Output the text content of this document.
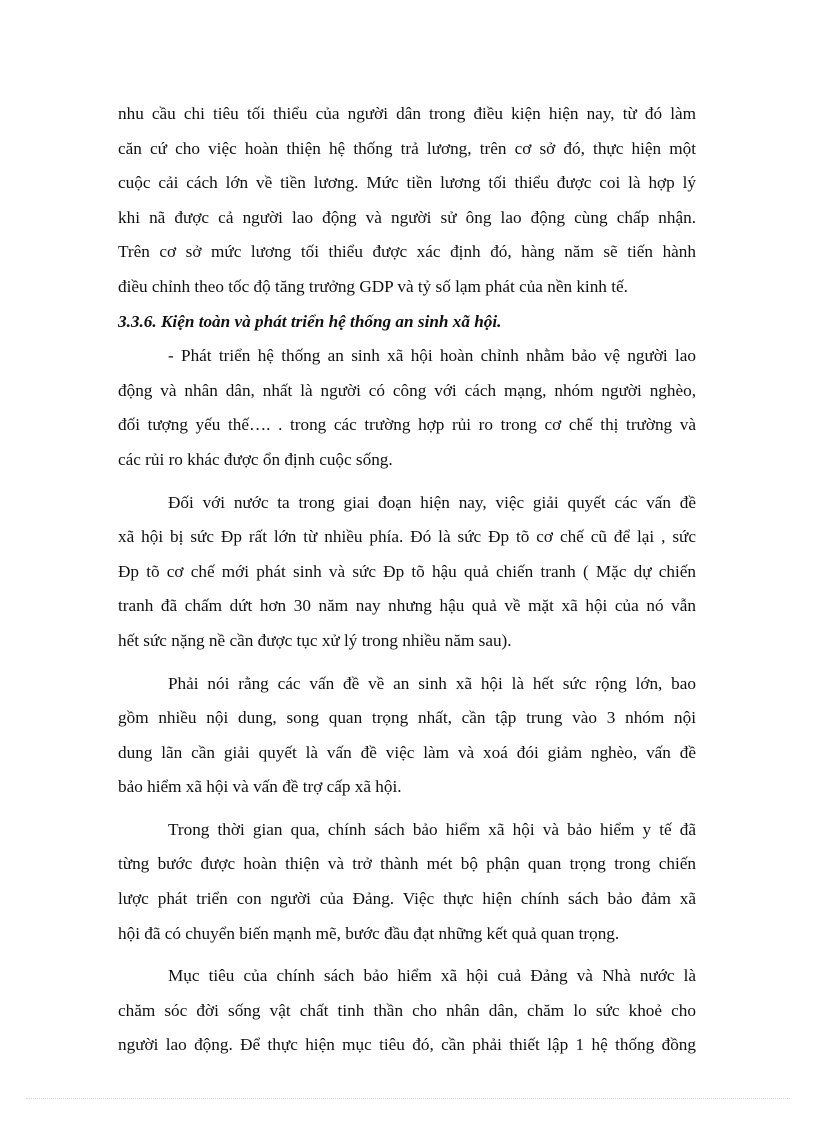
nhu cầu chi tiêu tối thiểu của người dân trong điều kiện hiện nay, từ đó làm
căn cứ cho việc hoàn thiện hệ thống trả lương, trên cơ sở đó, thực hiện một
cuộc cải cách lớn về tiền lương. Mức tiền lương tối thiểu được coi là hợp lý
khi nã được cả người lao động và người sử ông lao động cùng chấp nhận.
Trên cơ sở mức lương tối thiểu được xác định đó, hàng năm sẽ tiến hành
điều chỉnh theo tốc độ tăng trưởng GDP và tỷ số lạm phát của nền kinh tế.
3.3.6. Kiện toàn và phát triển hệ thống an sinh xã hội.
- Phát triển hệ thống an sinh xã hội hoàn chỉnh nhằm bảo vệ người lao
động và nhân dân, nhất là người có công với cách mạng, nhóm người nghèo,
đối tượng yếu thế…. . trong các trường hợp rủi ro trong cơ chế thị trường và
các rủi ro khác được ổn định cuộc sống.
Đối với nước ta trong giai đoạn hiện nay, việc giải quyết các vấn đề
xã hội bị sức Đp rất lớn từ nhiều phía. Đó là sức Đp tõ cơ chế cũ để lại , sức
Đp tõ cơ chế mới phát sinh và sức Đp tõ hậu quả chiến tranh ( Mặc dự chiến
tranh đã chấm dứt hơn 30 năm nay nhưng hậu quả về mặt xã hội của nó vẫn
hết sức nặng nề cần được tục xử lý trong nhiều năm sau).
Phải nói rằng các vấn đề về an sinh xã hội là hết sức rộng lớn, bao
gồm nhiều nội dung, song quan trọng nhất, cần tập trung vào 3 nhóm nội
dung lãn cần giải quyết là vấn đề việc làm và xoá đói giảm nghèo, vấn đề
bảo hiểm xã hội và vấn đề trợ cấp xã hội.
Trong thời gian qua, chính sách bảo hiểm xã hội và bảo hiểm y tế đã
từng bước được hoàn thiện và trở thành mét bộ phận quan trọng trong chiến
lược phát triển con người của Đảng. Việc thực hiện chính sách bảo đảm xã
hội đã có chuyển biến mạnh mẽ, bước đầu đạt những kết quả quan trọng.
Mục tiêu của chính sách bảo hiểm xã hội cuả Đảng và Nhà nước là
chăm sóc đời sống vật chất tinh thần cho nhân dân, chăm lo sức khoẻ cho
người lao động. Để thực hiện mục tiêu đó, cần phải thiết lập 1 hệ thống đồng
